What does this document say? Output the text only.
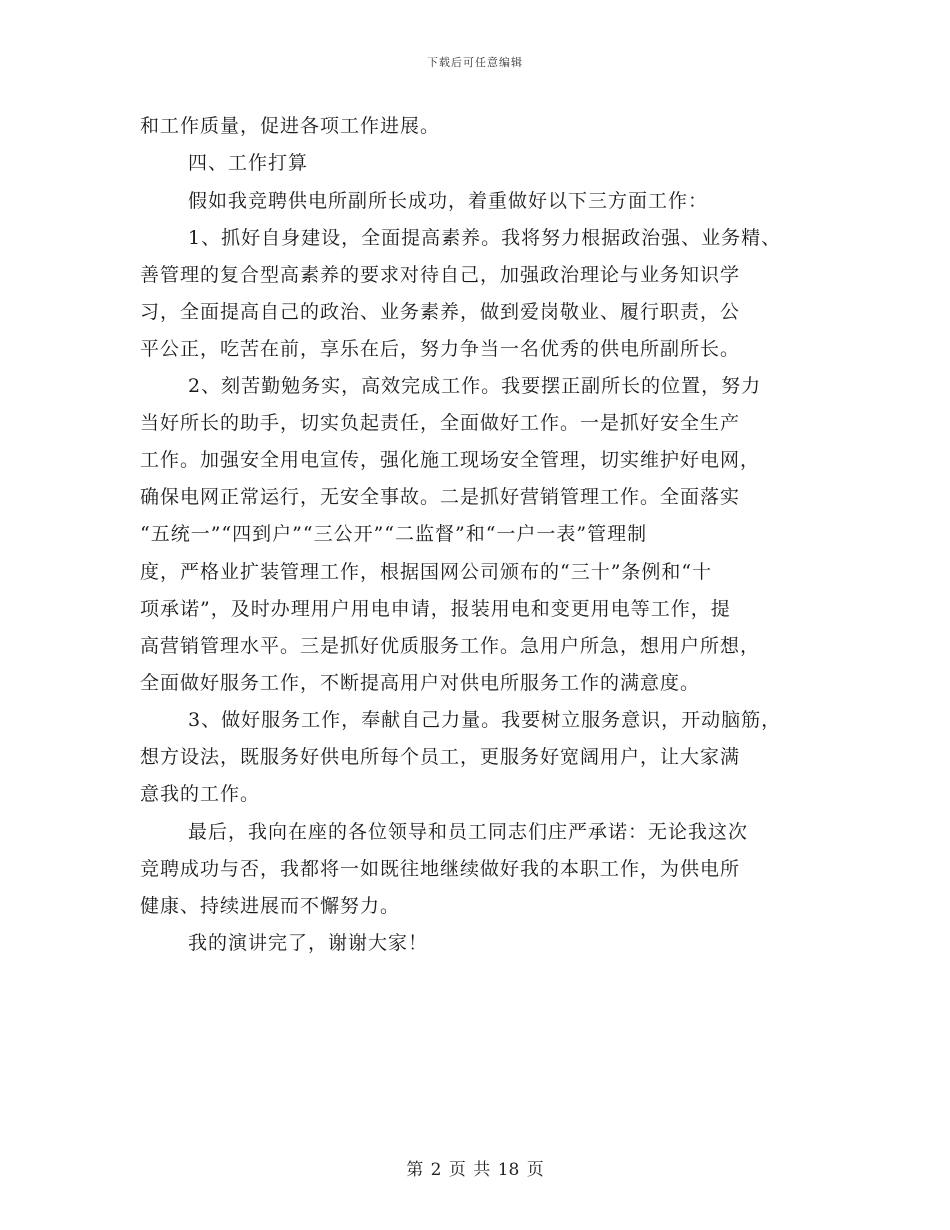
下载后可任意编辑
和工作质量，促进各项工作进展。
四、工作打算
假如我竞聘供电所副所长成功，着重做好以下三方面工作：
1、抓好自身建设，全面提高素养。我将努力根据政治强、业务精、
善管理的复合型高素养的要求对待自己，加强政治理论与业务知识学
习，全面提高自己的政治、业务素养，做到爱岗敬业、履行职责，公
平公正，吃苦在前，享乐在后，努力争当一名优秀的供电所副所长。
2、刻苦勤勉务实，高效完成工作。我要摆正副所长的位置，努力
当好所长的助手，切实负起责任，全面做好工作。一是抓好安全生产
工作。加强安全用电宣传，强化施工现场安全管理，切实维护好电网，
确保电网正常运行，无安全事故。二是抓好营销管理工作。全面落实
“五统一”“四到户”“三公开”“二监督”和“一户一表”管理制
度，严格业扩装管理工作，根据国网公司颁布的“三十”条例和“十
项承诺”，及时办理用户用电申请，报装用电和变更用电等工作，提
高营销管理水平。三是抓好优质服务工作。急用户所急，想用户所想，
全面做好服务工作，不断提高用户对供电所服务工作的满意度。
3、做好服务工作，奉献自己力量。我要树立服务意识，开动脑筋，
想方设法，既服务好供电所每个员工，更服务好宽阔用户，让大家满
意我的工作。
最后，我向在座的各位领导和员工同志们庄严承诺：无论我这次
竞聘成功与否，我都将一如既往地继续做好我的本职工作，为供电所
健康、持续进展而不懈努力。
我的演讲完了，谢谢大家！
第 2 页 共 18 页
